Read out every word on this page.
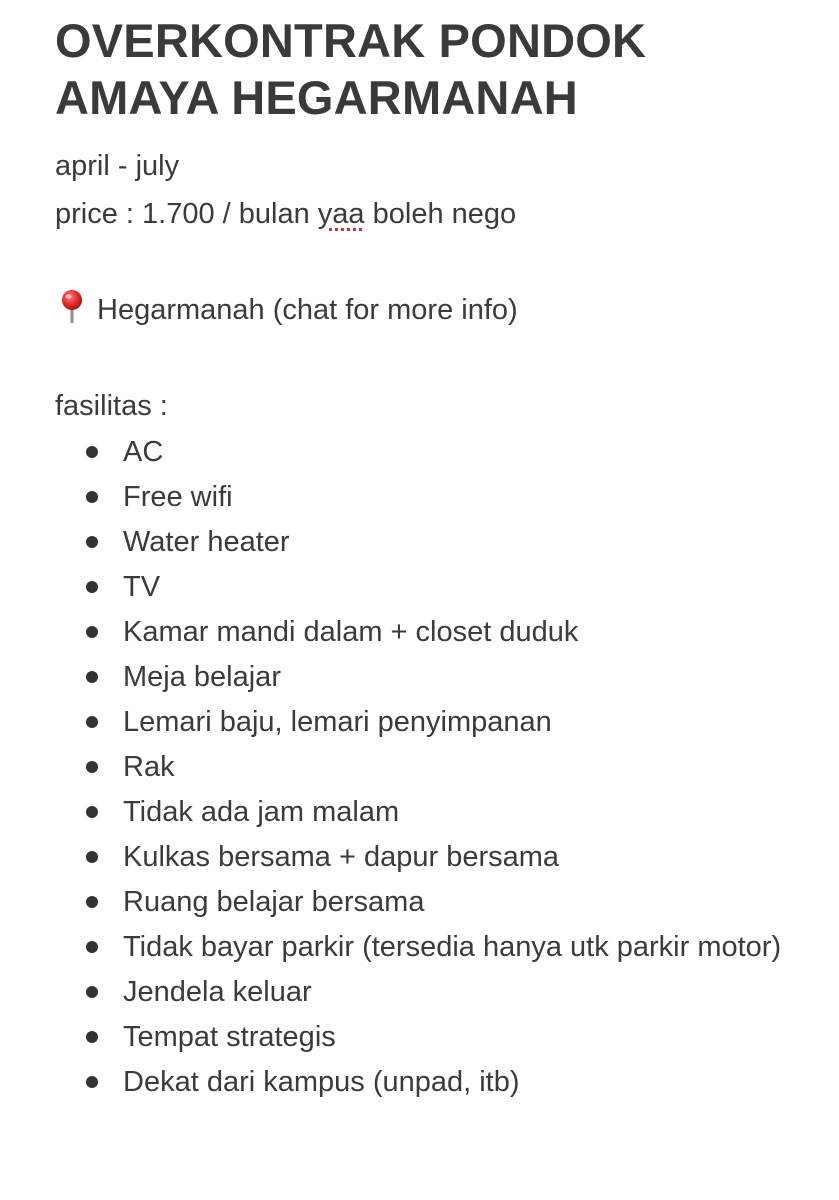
OVERKONTRAK PONDOK
AMAYA HEGARMANAH
april - july
price : 1.700 / bulan yaa boleh nego
Hegarmanah (chat for more info)
fasilitas :
AC
Free wifi
Water heater
TV
Kamar mandi dalam + closet duduk
Meja belajar
Lemari baju, lemari penyimpanan
Rak
Tidak ada jam malam
Kulkas bersama + dapur bersama
Ruang belajar bersama
Tidak bayar parkir (tersedia hanya utk parkir motor)
Jendela keluar
Tempat strategis
Dekat dari kampus (unpad, itb)
